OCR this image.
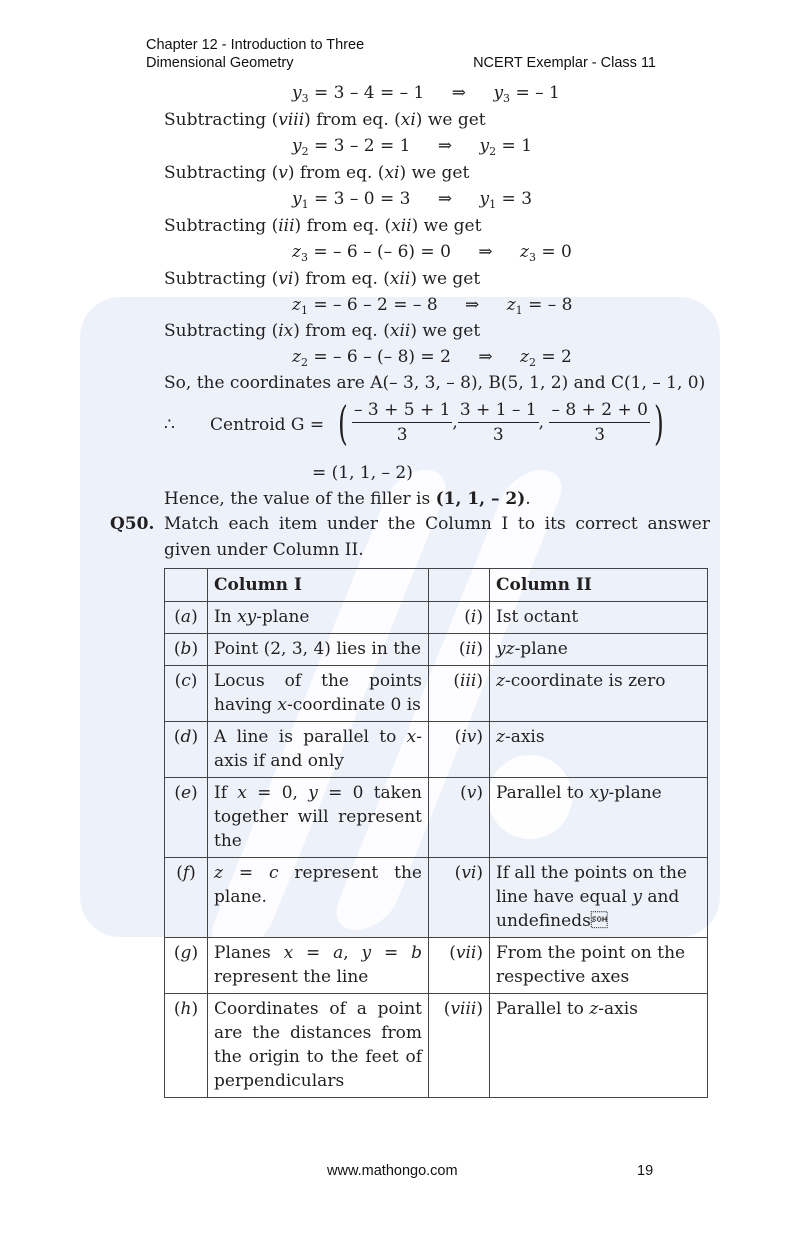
Chapter 12 - Introduction to Three
Dimensional Geometry	NCERT Exemplar - Class 11
$y_3 = 3 - 4$ = – 1 ⇒ $y_3$ = – 1
Subtracting (viii) from eq. (xi) we get
$y_2 = 3 - 2 = 1$ ⇒ $y_2 = 1$
Subtracting (v) from eq. (xi) we get
$y_1 = 3 - 0 = 3$ ⇒ $y_1 = 3$
Subtracting (iii) from eq. (xii) we get
$z_3$ = – 6 – (– 6) = 0 ⇒ $z_3 = 0$
Subtracting (vi) from eq. (xii) we get
$z_1$ = – 6 – 2 = – 8 ⇒ $z_1$ = – 8
Subtracting (ix) from eq. (xii) we get
$z_2$ = – 6 – (– 8) = 2 ⇒ $z_2 = 2$
So, the coordinates are A(– 3, 3, – 8), B(5, 1, 2) and C(1, – 1, 0)
∴ Centroid G = ( $\frac{- 3 + 5 + 1}{3}$ , $\frac{3 + 1 - 1}{3}$ , $\frac{- 8 + 2 + 0}{3}$ )
= (1, 1, – 2)
Hence, the value of the filler is (1, 1, – 2).
Q50. Match each item under the Column I to its correct answer
given under Column II.
	Column I		Column II
(a)	In xy-plane	(i)	Ist octant
(b)	Point (2, 3, 4) lies in the	(ii)	yz-plane
(c)	Locus of the points having x-coordinate 0 is	(iii)	z-coordinate is zero
(d)	A line is parallel to x-axis if and only	(iv)	z-axis
(e)	If x = 0, y = 0 taken together will represent the	(v)	Parallel to xy-plane
(f)	z = c represent the plane.	(vi)	If all the points on the line have equal y and undefineds
(g)	Planes x = a, y = b represent the line	(vii)	From the point on the respective axes
(h)	Coordinates of a point are the distances from the origin to the feet of perpendiculars	(viii)	Parallel to z-axis
www.mathongo.com	19
